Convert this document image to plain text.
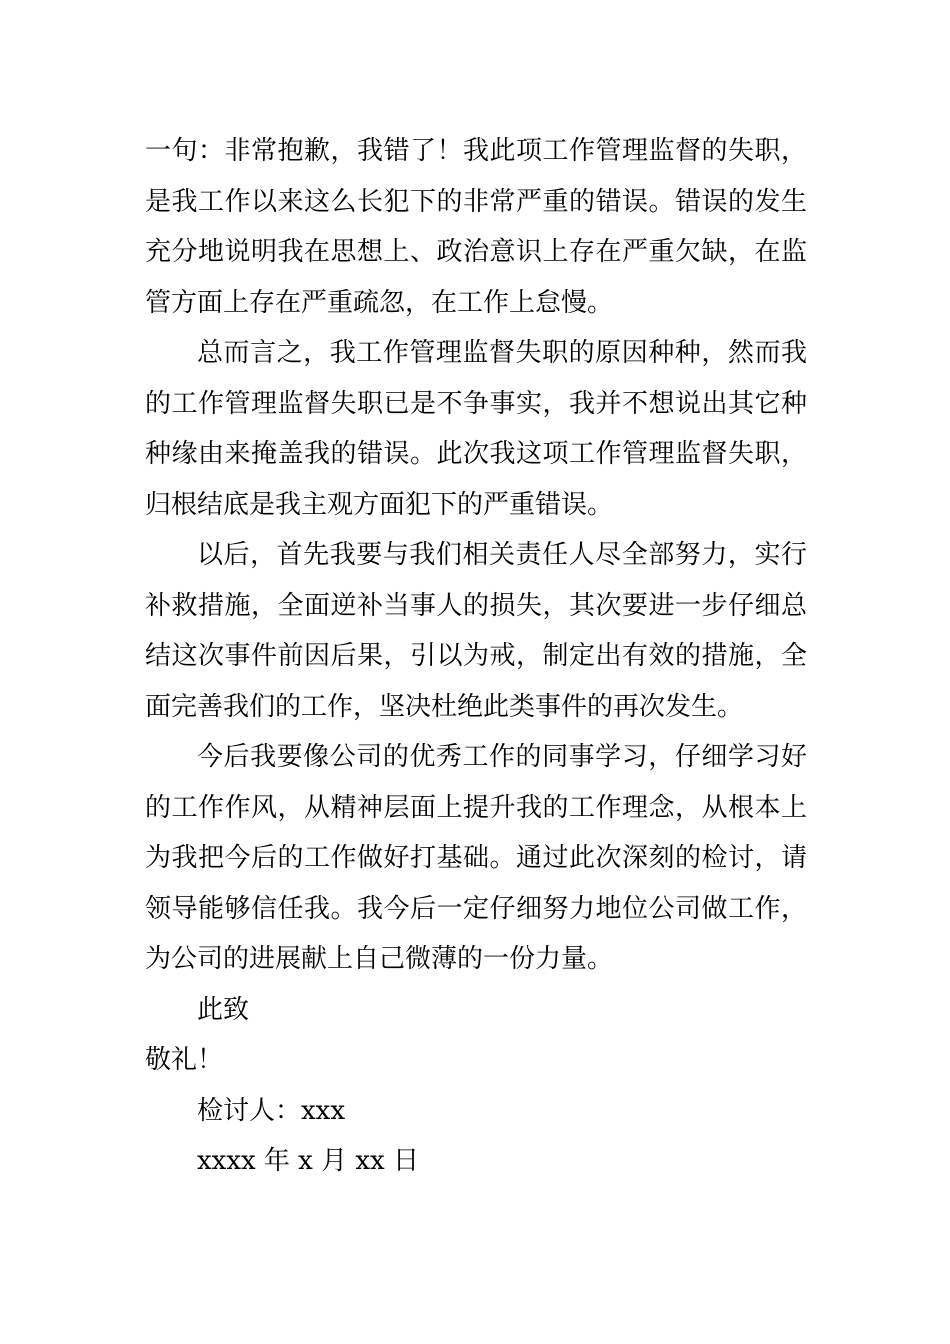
一句：非常抱歉，我错了！我此项工作管理监督的失职，是我工作以来这么长犯下的非常严重的错误。错误的发生充分地说明我在思想上、政治意识上存在严重欠缺，在监管方面上存在严重疏忽，在工作上怠慢。

总而言之，我工作管理监督失职的原因种种，然而我的工作管理监督失职已是不争事实，我并不想说出其它种种缘由来掩盖我的错误。此次我这项工作管理监督失职，归根结底是我主观方面犯下的严重错误。

以后，首先我要与我们相关责任人尽全部努力，实行补救措施，全面逆补当事人的损失，其次要进一步仔细总结这次事件前因后果，引以为戒，制定出有效的措施，全面完善我们的工作，坚决杜绝此类事件的再次发生。

今后我要像公司的优秀工作的同事学习，仔细学习好的工作作风，从精神层面上提升我的工作理念，从根本上为我把今后的工作做好打基础。通过此次深刻的检讨，请领导能够信任我。我今后一定仔细努力地位公司做工作，为公司的进展献上自己微薄的一份力量。

此致

敬礼！

检讨人：xxx

xxxx 年 x 月 xx 日
